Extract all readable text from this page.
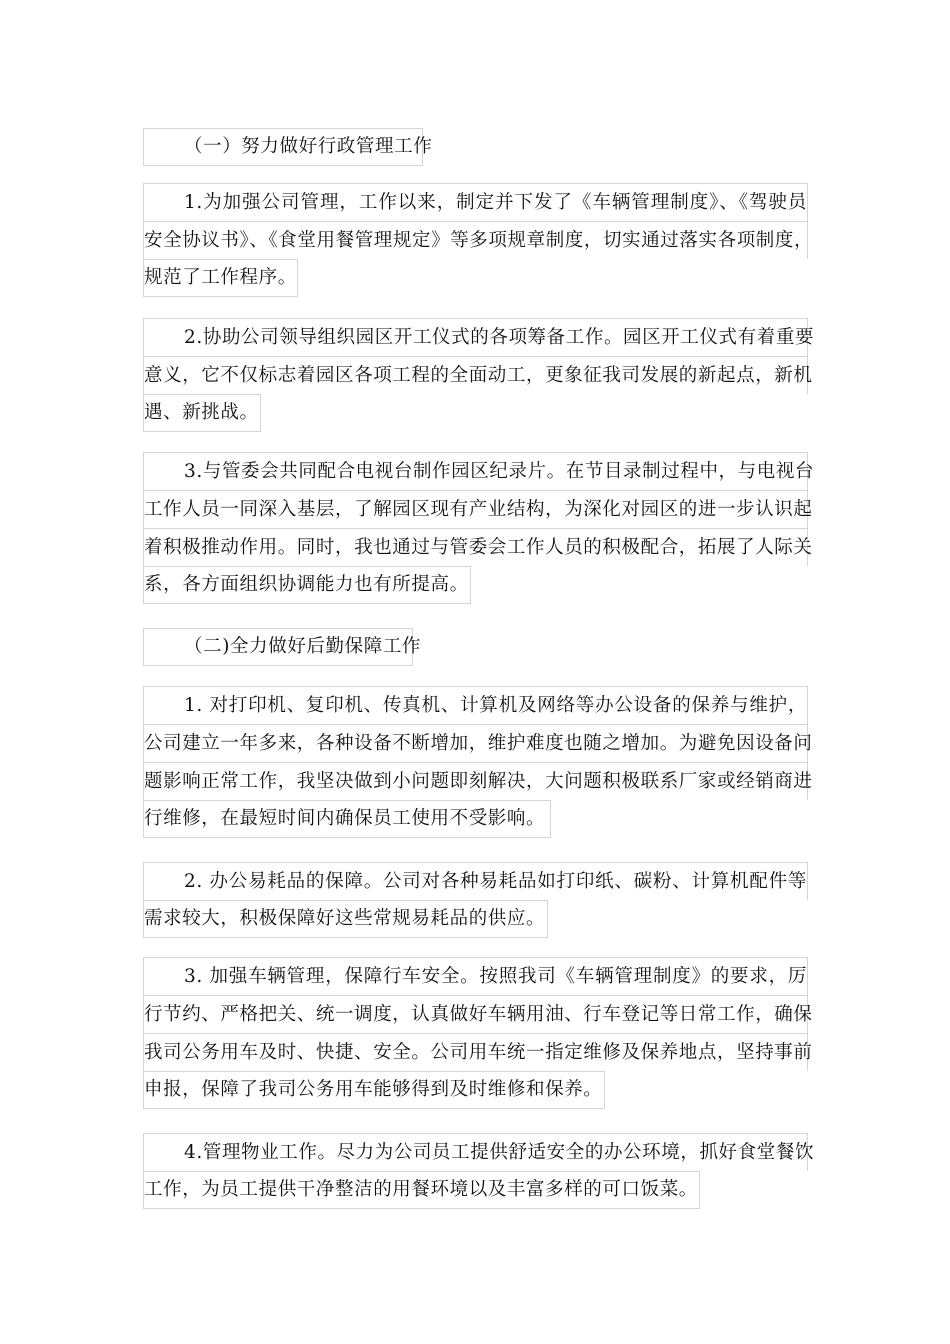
（一）努力做好行政管理工作
1.为加强公司管理，工作以来，制定并下发了《车辆管理制度》、《驾驶员
安全协议书》、《食堂用餐管理规定》等多项规章制度，切实通过落实各项制度，
规范了工作程序。
2.协助公司领导组织园区开工仪式的各项筹备工作。园区开工仪式有着重要
意义，它不仅标志着园区各项工程的全面动工，更象征我司发展的新起点，新机
遇、新挑战。
3.与管委会共同配合电视台制作园区纪录片。在节目录制过程中，与电视台
工作人员一同深入基层，了解园区现有产业结构，为深化对园区的进一步认识起
着积极推动作用。同时，我也通过与管委会工作人员的积极配合，拓展了人际关
系，各方面组织协调能力也有所提高。
（二)全力做好后勤保障工作
1. 对打印机、复印机、传真机、计算机及网络等办公设备的保养与维护，
公司建立一年多来，各种设备不断增加，维护难度也随之增加。为避免因设备问
题影响正常工作，我坚决做到小问题即刻解决，大问题积极联系厂家或经销商进
行维修，在最短时间内确保员工使用不受影响。
2. 办公易耗品的保障。公司对各种易耗品如打印纸、碳粉、计算机配件等
需求较大，积极保障好这些常规易耗品的供应。
3. 加强车辆管理，保障行车安全。按照我司《车辆管理制度》的要求，厉
行节约、严格把关、统一调度，认真做好车辆用油、行车登记等日常工作，确保
我司公务用车及时、快捷、安全。公司用车统一指定维修及保养地点，坚持事前
申报，保障了我司公务用车能够得到及时维修和保养。
4.管理物业工作。尽力为公司员工提供舒适安全的办公环境，抓好食堂餐饮
工作，为员工提供干净整洁的用餐环境以及丰富多样的可口饭菜。
